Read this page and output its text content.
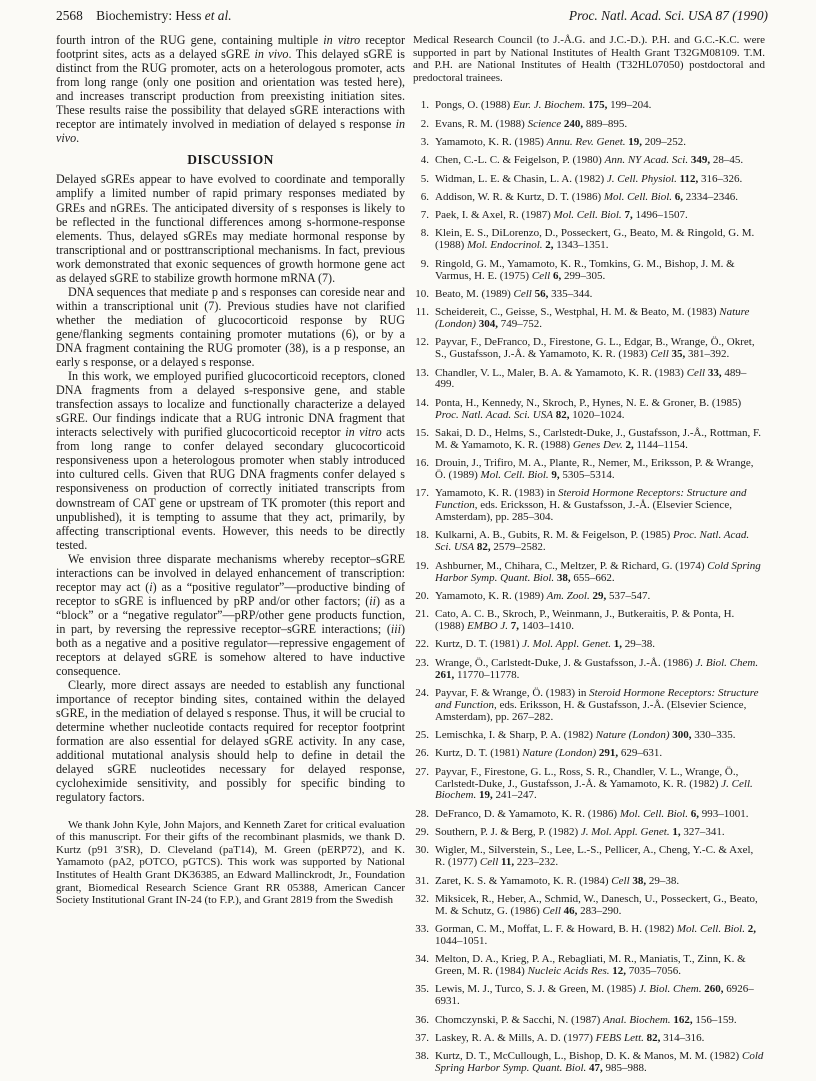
2568 Biochemistry: Hess et al.	Proc. Natl. Acad. Sci. USA 87 (1990)

fourth intron of the RUG gene, containing multiple in vitro receptor footprint sites, acts as a delayed sGRE in vivo. This delayed sGRE is distinct from the RUG promoter, acts on a heterologous promoter, acts from long range (only one position and orientation was tested here), and increases transcript production from preexisting initiation sites. These results raise the possibility that delayed sGRE interactions with receptor are intimately involved in mediation of delayed s response in vivo.

DISCUSSION

Delayed sGREs appear to have evolved to coordinate and temporally amplify a limited number of rapid primary responses mediated by GREs and nGREs. The anticipated diversity of s responses is likely to be reflected in the functional differences among s-hormone-response elements. Thus, delayed sGREs may mediate hormonal response by transcriptional and or posttranscriptional mechanisms. In fact, previous work demonstrated that exonic sequences of growth hormone gene act as delayed sGRE to stabilize growth hormone mRNA (7).

DNA sequences that mediate p and s responses can coreside near and within a transcriptional unit (7). Previous studies have not clarified whether the mediation of glucocorticoid response by RUG gene/flanking segments containing promoter mutations (6), or by a DNA fragment containing the RUG promoter (38), is a p response, an early s response, or a delayed s response.

In this work, we employed purified glucocorticoid receptors, cloned DNA fragments from a delayed s-responsive gene, and stable transfection assays to localize and functionally characterize a delayed sGRE. Our findings indicate that a RUG intronic DNA fragment that interacts selectively with purified glucocorticoid receptor in vitro acts from long range to confer delayed secondary glucocorticoid responsiveness upon a heterologous promoter when stably introduced into cultured cells. Given that RUG DNA fragments confer delayed s responsiveness on production of correctly initiated transcripts from downstream of CAT gene or upstream of TK promoter (this report and unpublished), it is tempting to assume that they act, primarily, by affecting transcriptional events. However, this needs to be directly tested.

We envision three disparate mechanisms whereby receptor–sGRE interactions can be involved in delayed enhancement of transcription: receptor may act (i) as a “positive regulator”—productive binding of receptor to sGRE is influenced by pRP and/or other factors; (ii) as a “block” or a “negative regulator”—pRP/other gene products function, in part, by reversing the repressive receptor–sGRE interactions; (iii) both as a negative and a positive regulator—repressive engagement of receptors at delayed sGRE is somehow altered to have inductive consequence.

Clearly, more direct assays are needed to establish any functional importance of receptor binding sites, contained within the delayed sGRE, in the mediation of delayed s response. Thus, it will be crucial to determine whether nucleotide contacts required for receptor footprint formation are also essential for delayed sGRE activity. In any case, additional mutational analysis should help to define in detail the delayed sGRE nucleotides necessary for delayed response, cycloheximide sensitivity, and possibly for specific binding to regulatory factors.

We thank John Kyle, John Majors, and Kenneth Zaret for critical evaluation of this manuscript. For their gifts of the recombinant plasmids, we thank D. Kurtz (p91 3′SR), D. Cleveland (paT14), M. Green (pERP72), and K. Yamamoto (pA2, pOTCO, pGTCS). This work was supported by National Institutes of Health Grant DK36385, an Edward Mallinckrodt, Jr., Foundation grant, Biomedical Research Science Grant RR 05388, American Cancer Society Institutional Grant IN-24 (to F.P.), and Grant 2819 from the Swedish

Medical Research Council (to J.-Å.G. and J.C.-D.). P.H. and G.C.-K.C. were supported in part by National Institutes of Health Grant T32GM08109. T.M. and P.H. are National Institutes of Health (T32HL07050) postdoctoral and predoctoral trainees.

1. Pongs, O. (1988) Eur. J. Biochem. 175, 199–204.
2. Evans, R. M. (1988) Science 240, 889–895.
3. Yamamoto, K. R. (1985) Annu. Rev. Genet. 19, 209–252.
4. Chen, C.-L. C. & Feigelson, P. (1980) Ann. NY Acad. Sci. 349, 28–45.
5. Widman, L. E. & Chasin, L. A. (1982) J. Cell. Physiol. 112, 316–326.
6. Addison, W. R. & Kurtz, D. T. (1986) Mol. Cell. Biol. 6, 2334–2346.
7. Paek, I. & Axel, R. (1987) Mol. Cell. Biol. 7, 1496–1507.
8. Klein, E. S., DiLorenzo, D., Posseckert, G., Beato, M. & Ringold, G. M. (1988) Mol. Endocrinol. 2, 1343–1351.
9. Ringold, G. M., Yamamoto, K. R., Tomkins, G. M., Bishop, J. M. & Varmus, H. E. (1975) Cell 6, 299–305.
10. Beato, M. (1989) Cell 56, 335–344.
11. Scheidereit, C., Geisse, S., Westphal, H. M. & Beato, M. (1983) Nature (London) 304, 749–752.
12. Payvar, F., DeFranco, D., Firestone, G. L., Edgar, B., Wrange, Ö., Okret, S., Gustafsson, J.-Å. & Yamamoto, K. R. (1983) Cell 35, 381–392.
13. Chandler, V. L., Maler, B. A. & Yamamoto, K. R. (1983) Cell 33, 489–499.
14. Ponta, H., Kennedy, N., Skroch, P., Hynes, N. E. & Groner, B. (1985) Proc. Natl. Acad. Sci. USA 82, 1020–1024.
15. Sakai, D. D., Helms, S., Carlstedt-Duke, J., Gustafsson, J.-Å., Rottman, F. M. & Yamamoto, K. R. (1988) Genes Dev. 2, 1144–1154.
16. Drouin, J., Trifiro, M. A., Plante, R., Nemer, M., Eriksson, P. & Wrange, Ö. (1989) Mol. Cell. Biol. 9, 5305–5314.
17. Yamamoto, K. R. (1983) in Steroid Hormone Receptors: Structure and Function, eds. Ericksson, H. & Gustafsson, J.-Å. (Elsevier Science, Amsterdam), pp. 285–304.
18. Kulkarni, A. B., Gubits, R. M. & Feigelson, P. (1985) Proc. Natl. Acad. Sci. USA 82, 2579–2582.
19. Ashburner, M., Chihara, C., Meltzer, P. & Richard, G. (1974) Cold Spring Harbor Symp. Quant. Biol. 38, 655–662.
20. Yamamoto, K. R. (1989) Am. Zool. 29, 537–547.
21. Cato, A. C. B., Skroch, P., Weinmann, J., Butkeraitis, P. & Ponta, H. (1988) EMBO J. 7, 1403–1410.
22. Kurtz, D. T. (1981) J. Mol. Appl. Genet. 1, 29–38.
23. Wrange, Ö., Carlstedt-Duke, J. & Gustafsson, J.-Å. (1986) J. Biol. Chem. 261, 11770–11778.
24. Payvar, F. & Wrange, Ö. (1983) in Steroid Hormone Receptors: Structure and Function, eds. Eriksson, H. & Gustafsson, J.-Å. (Elsevier Science, Amsterdam), pp. 267–282.
25. Lemischka, I. & Sharp, P. A. (1982) Nature (London) 300, 330–335.
26. Kurtz, D. T. (1981) Nature (London) 291, 629–631.
27. Payvar, F., Firestone, G. L., Ross, S. R., Chandler, V. L., Wrange, Ö., Carlstedt-Duke, J., Gustafsson, J.-Å. & Yamamoto, K. R. (1982) J. Cell. Biochem. 19, 241–247.
28. DeFranco, D. & Yamamoto, K. R. (1986) Mol. Cell. Biol. 6, 993–1001.
29. Southern, P. J. & Berg, P. (1982) J. Mol. Appl. Genet. 1, 327–341.
30. Wigler, M., Silverstein, S., Lee, L.-S., Pellicer, A., Cheng, Y.-C. & Axel, R. (1977) Cell 11, 223–232.
31. Zaret, K. S. & Yamamoto, K. R. (1984) Cell 38, 29–38.
32. Miksicek, R., Heber, A., Schmid, W., Danesch, U., Posseckert, G., Beato, M. & Schutz, G. (1986) Cell 46, 283–290.
33. Gorman, C. M., Moffat, L. F. & Howard, B. H. (1982) Mol. Cell. Biol. 2, 1044–1051.
34. Melton, D. A., Krieg, P. A., Rebagliati, M. R., Maniatis, T., Zinn, K. & Green, M. R. (1984) Nucleic Acids Res. 12, 7035–7056.
35. Lewis, M. J., Turco, S. J. & Green, M. (1985) J. Biol. Chem. 260, 6926–6931.
36. Chomczynski, P. & Sacchi, N. (1987) Anal. Biochem. 162, 156–159.
37. Laskey, R. A. & Mills, A. D. (1977) FEBS Lett. 82, 314–316.
38. Kurtz, D. T., McCullough, L., Bishop, D. K. & Manos, M. M. (1982) Cold Spring Harbor Symp. Quant. Biol. 47, 985–988.
